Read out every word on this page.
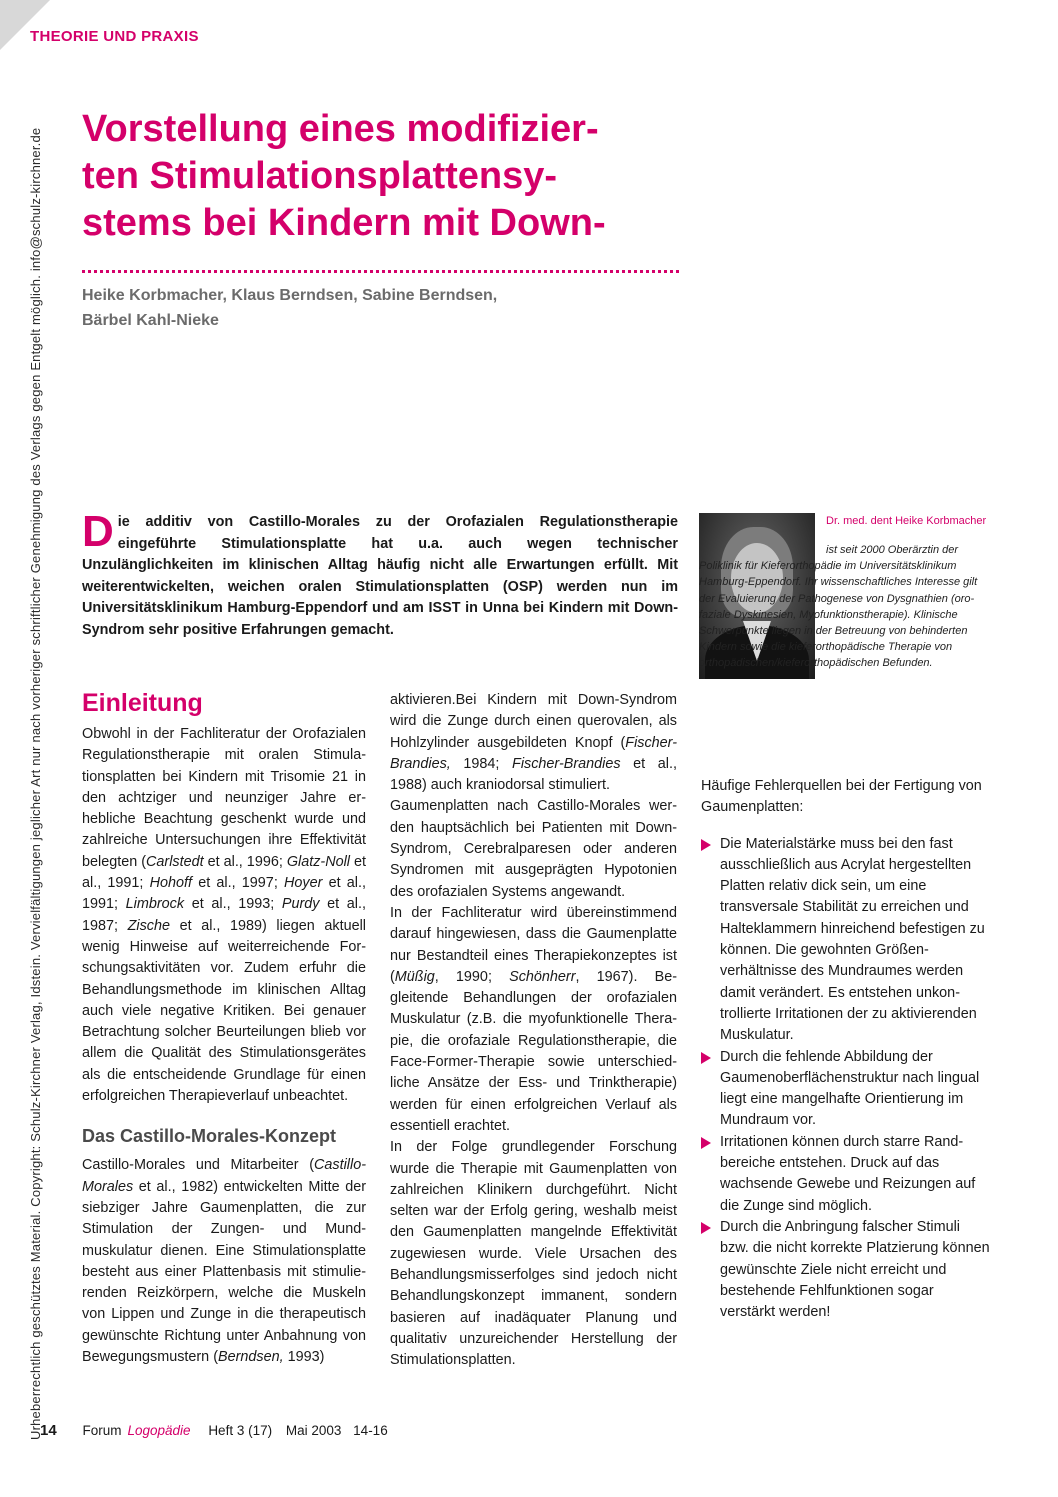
THEORIE UND PRAXIS
Urheberrechtlich geschütztes Material. Copyright: Schulz-Kirchner Verlag, Idstein. Vervielfältigungen jeglicher Art nur nach vorheriger schriftlicher Genehmigung des Verlags gegen Entgelt möglich. info@schulz-kirchner.de Vorstellung eines modifizier-
ten Stimulationsplattensy-
stems bei Kindern mit Down-
Heike Korbmacher, Klaus Berndsen, Sabine Berndsen,
Bärbel Kahl-Nieke

Die additiv von Castillo-Morales zu der Orofazialen Regulationstherapie eingeführte Stimulationsplatte hat u.a. auch wegen technischer Unzulänglichkeiten im klinischen Alltag häufig nicht alle Erwartungen erfüllt. Mit weiterentwickelten, weichen oralen Stimulationsplatten (OSP) werden nun im Universitätsklinikum Hamburg-Eppendorf und am ISST in Unna bei Kindern mit Down-Syndrom sehr positive Erfahrungen gemacht.

Dr. med. dent Heike Korbmacher
ist seit 2000 Oberärztin der Poliklinik für Kieferorthopädie im Universitätsklinikum Hamburg-Eppendorf. Ihr wissenschaftliches Interesse gilt der Evaluierung der Pathogenese von Dysgnathien (oro-faziale Dyskinesien, Myofunktionstherapie). Klinische Schwerpunkte liegen in der Betreuung von behinderten Kindern sowie die kieferorthopädische Therapie von orthopädischen/kieferorthopädischen Befunden.
Einleitung

Obwohl in der Fachliteratur der Orofazialen Regulationstherapie mit oralen Stimulationsplatten bei Kindern mit Trisomie 21 in den achtziger und neunziger Jahre erhebliche Beachtung geschenkt wurde und zahlreiche Untersuchungen ihre Effektivität belegten (Carlstedt et al., 1996; Glatz-Noll et al., 1991; Hohoff et al., 1997; Hoyer et al., 1991; Limbrock et al., 1993; Purdy et al., 1987; Zische et al., 1989) liegen aktuell wenig Hinweise auf weiterreichende Forschungsaktivitäten vor. Zudem erfuhr die Behandlungsmethode im klinischen Alltag auch viele negative Kritiken. Bei genauer Betrachtung solcher Beurteilungen blieb vor allem die Qualität des Stimulationsgerätes als die entscheidende Grundlage für einen erfolgreichen Therapieverlauf unbeachtet.

Das Castillo-Morales-Konzept

Castillo-Morales und Mitarbeiter (Castillo-Morales et al., 1982) entwickelten Mitte der siebziger Jahre Gaumenplatten, die zur Stimulation der Zungen- und Mundmuskulatur dienen. Eine Stimulationsplatte besteht aus einer Plattenbasis mit stimulierenden Reizkörpern, welche die Muskeln von Lippen und Zunge in die therapeutisch gewünschte Richtung unter Anbahnung von Bewegungsmustern (Berndsen, 1993)

aktivieren.Bei Kindern mit Down-Syndrom wird die Zunge durch einen querovalen, als Hohlzylinder ausgebildeten Knopf (Fischer-Brandies, 1984; Fischer-Brandies et al., 1988) auch kraniodorsal stimuliert.

Gaumenplatten nach Castillo-Morales werden hauptsächlich bei Patienten mit Down-Syndrom, Cerebralparesen oder anderen Syndromen mit ausgeprägten Hypotonien des orofazialen Systems angewandt.

In der Fachliteratur wird übereinstimmend darauf hingewiesen, dass die Gaumenplatte nur Bestandteil eines Therapiekonzeptes ist (Müßig, 1990; Schönherr, 1967). Begleitende Behandlungen der orofazialen Muskulatur (z.B. die myofunktionelle Therapie, die orofaziale Regulationstherapie, die Face-Former-Therapie sowie unterschiedliche Ansätze der Ess- und Trinktherapie) werden für einen erfolgreichen Verlauf als essentiell erachtet.

In der Folge grundlegender Forschung wurde die Therapie mit Gaumenplatten von zahlreichen Klinikern durchgeführt. Nicht selten war der Erfolg gering, weshalb meist den Gaumenplatten mangelnde Effektivität zugewiesen wurde. Viele Ursachen des Behandlungsmisserfolges sind jedoch nicht Behandlungskonzept immanent, sondern basieren auf inadäquater Planung und qualitativ unzureichender Herstellung der Stimulationsplatten.

Häufige Fehlerquellen bei der Fertigung von Gaumenplatten:

Die Materialstärke muss bei den fast ausschließlich aus Acrylat hergestellten Platten relativ dick sein, um eine transversale Stabilität zu erreichen und Halteklammern hinreichend befestigen zu können. Die gewohnten Größenverhältnisse des Mundraumes werden damit verändert. Es entstehen unkontrollierte Irritationen der zu aktivierenden Muskulatur.
Durch die fehlende Abbildung der Gaumenoberflächenstruktur nach lingual liegt eine mangelhafte Orientierung im Mundraum vor.
Irritationen können durch starre Randbereiche entstehen. Druck auf das wachsende Gewebe und Reizungen auf die Zunge sind möglich.
Durch die Anbringung falscher Stimuli bzw. die nicht korrekte Platzierung können gewünschte Ziele nicht erreicht und bestehende Fehlfunktionen sogar verstärkt werden!
14 Forum Logopädie Heft 3 (17) Mai 2003 14-16
